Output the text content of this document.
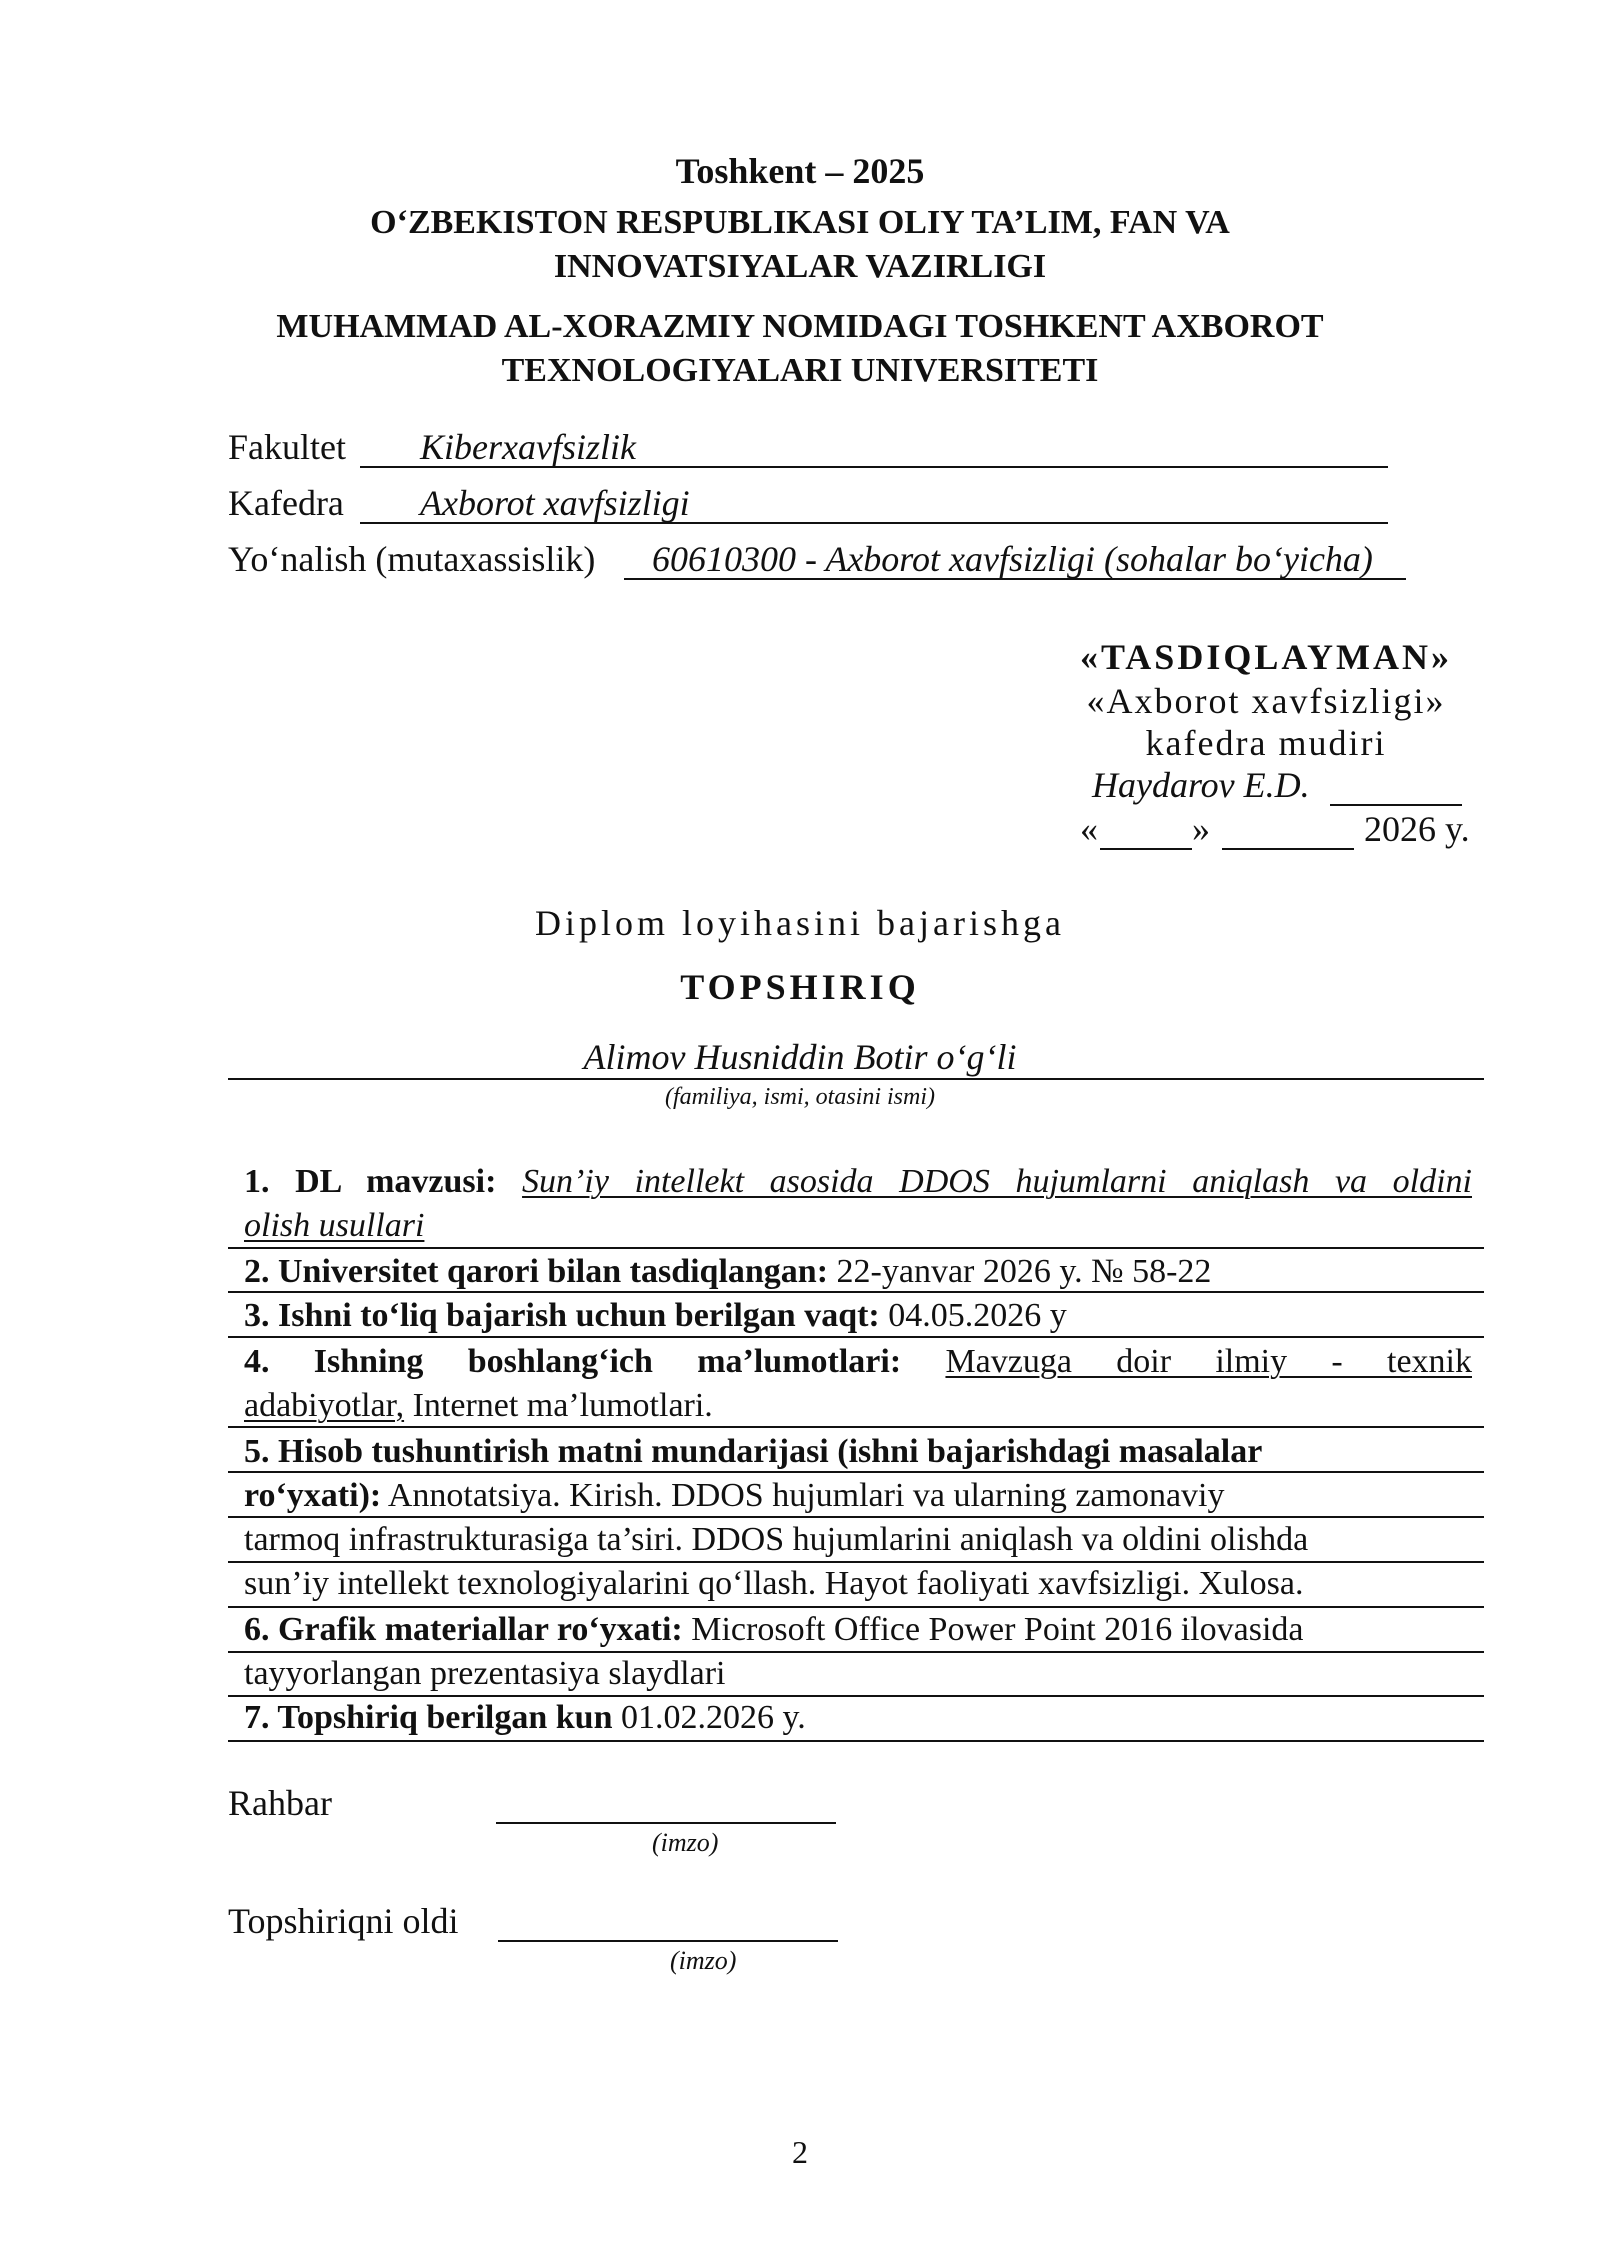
Toshkent – 2025
O‘ZBEKISTON RESPUBLIKASI OLIY TA’LIM, FAN VA
INNOVATSIYALAR VAZIRLIGI
MUHAMMAD AL-XORAZMIY NOMIDAGI TOSHKENT AXBOROT
TEXNOLOGIYALARI UNIVERSITETI
Fakultet Kiberxavfsizlik
Kafedra Axborot xavfsizligi
Yo‘nalish (mutaxassislik) 60610300 - Axborot xavfsizligi (sohalar bo‘yicha)
«TASDIQLAYMAN»
«Axborot xavfsizligi»
kafedra mudiri
Haydarov E.D.
«	»	2026 y.
Diplom loyihasini bajarishga
TOPSHIRIQ
Alimov Husniddin Botir o‘g‘li
(familiya, ismi, otasini ismi)
1. DL mavzusi: Sun’iy intellekt asosida DDOS hujumlarni aniqlash va oldini
olish usullari
2. Universitet qarori bilan tasdiqlangan: 22-yanvar 2026 y. № 58-22
3. Ishni to‘liq bajarish uchun berilgan vaqt: 04.05.2026 y
4. Ishning boshlang‘ich ma’lumotlari: Mavzuga doir ilmiy - texnik
adabiyotlar, Internet ma’lumotlari.
5. Hisob tushuntirish matni mundarijasi (ishni bajarishdagi masalalar
ro‘yxati): Annotatsiya. Kirish. DDOS hujumlari va ularning zamonaviy
tarmoq infrastrukturasiga ta’siri. DDOS hujumlarini aniqlash va oldini olishda
sun’iy intellekt texnologiyalarini qo‘llash. Hayot faoliyati xavfsizligi. Xulosa.
6. Grafik materiallar ro‘yxati: Microsoft Office Power Point 2016 ilovasida
tayyorlangan prezentasiya slaydlari
7. Topshiriq berilgan kun 01.02.2026 y.
Rahbar
(imzo)
Topshiriqni oldi
(imzo)
2
